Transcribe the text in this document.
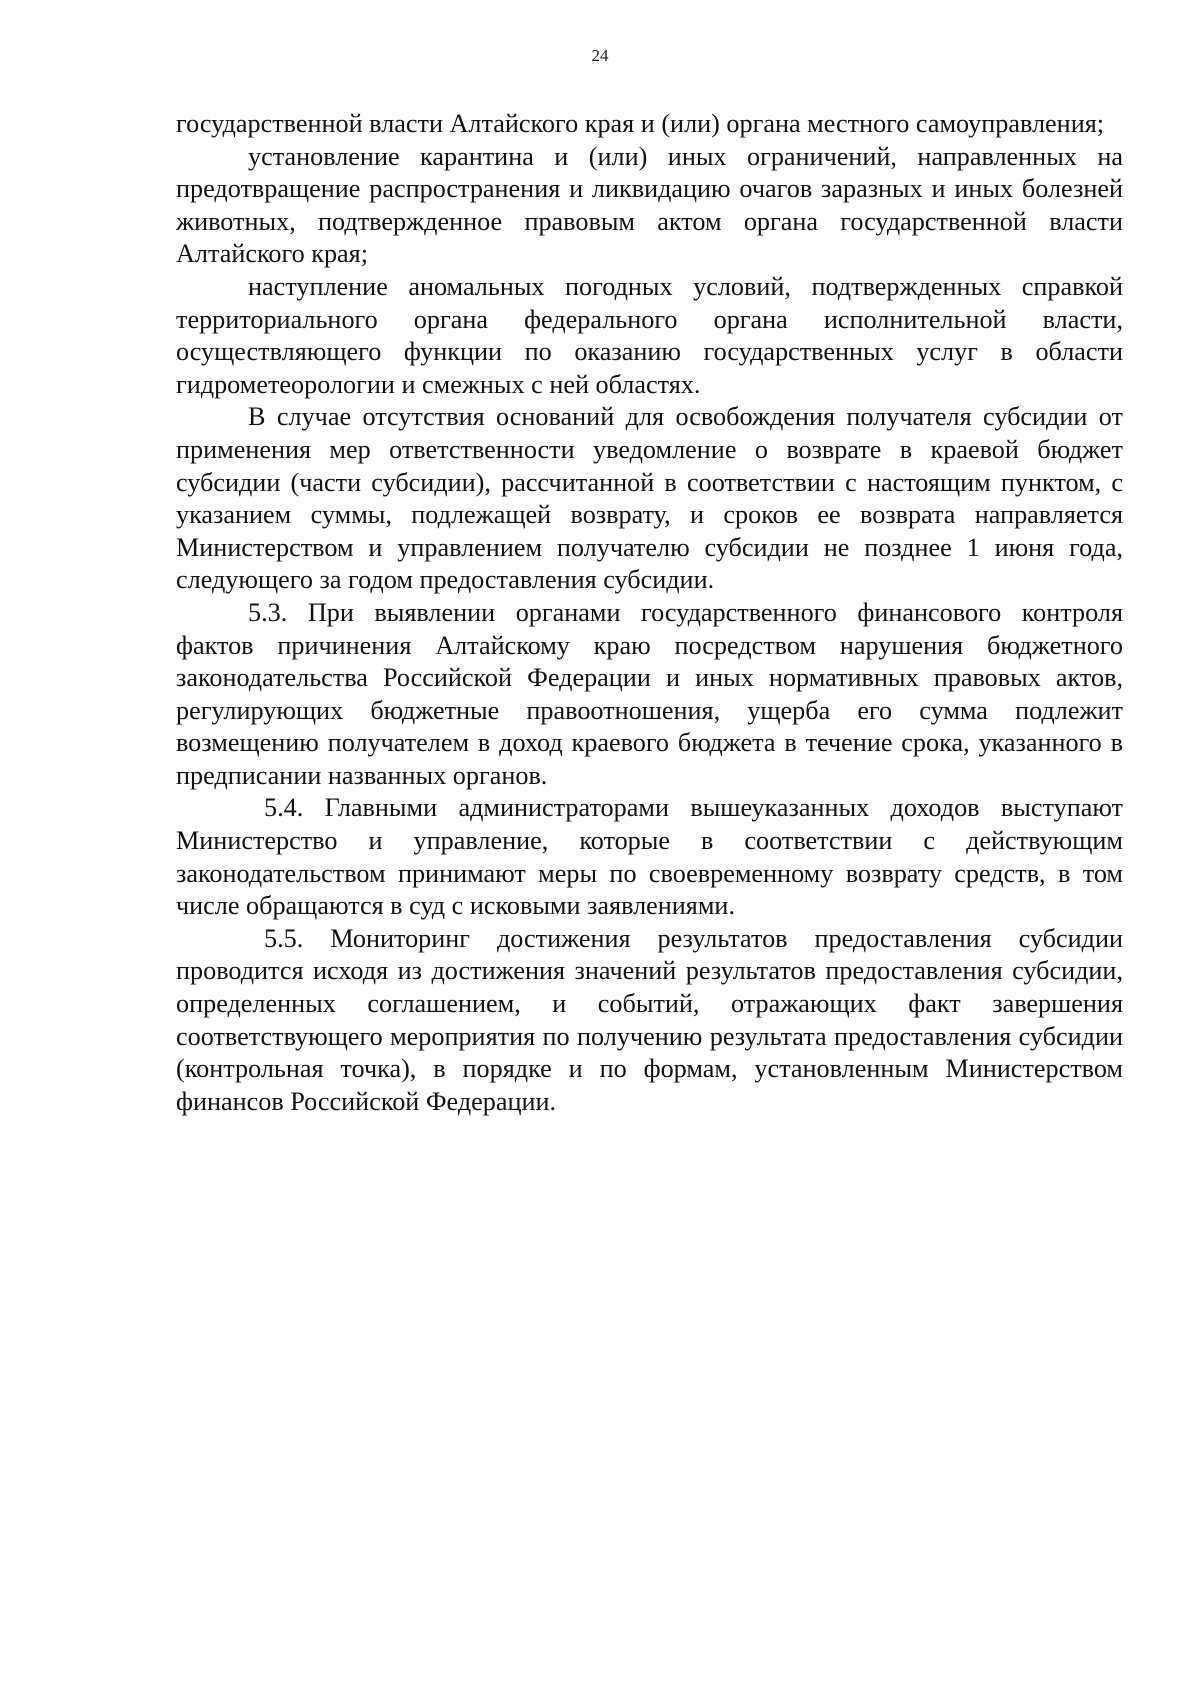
24

государственной власти Алтайского края и (или) органа местного самоуправления;

установление карантина и (или) иных ограничений, направленных на предотвращение распространения и ликвидацию очагов заразных и иных болезней животных, подтвержденное правовым актом органа государственной власти Алтайского края;

наступление аномальных погодных условий, подтвержденных справкой территориального органа федерального органа исполнительной власти, осуществляющего функции по оказанию государственных услуг в области гидрометеорологии и смежных с ней областях.

В случае отсутствия оснований для освобождения получателя субсидии от применения мер ответственности уведомление о возврате в краевой бюджет субсидии (части субсидии), рассчитанной в соответствии с настоящим пунктом, с указанием суммы, подлежащей возврату, и сроков ее возврата направляется Министерством и управлением получателю субсидии не позднее 1 июня года, следующего за годом предоставления субсидии.

5.3. При выявлении органами государственного финансового контроля фактов причинения Алтайскому краю посредством нарушения бюджетного законодательства Российской Федерации и иных нормативных правовых актов, регулирующих бюджетные правоотношения, ущерба его сумма подлежит возмещению получателем в доход краевого бюджета в течение срока, указанного в предписании названных органов.

5.4. Главными администраторами вышеуказанных доходов выступают Министерство и управление, которые в соответствии с действующим законодательством принимают меры по своевременному возврату средств, в том числе обращаются в суд с исковыми заявлениями.

5.5. Мониторинг достижения результатов предоставления субсидии проводится исходя из достижения значений результатов предоставления субсидии, определенных соглашением, и событий, отражающих факт завершения соответствующего мероприятия по получению результата предоставления субсидии (контрольная точка), в порядке и по формам, установленным Министерством финансов Российской Федерации.
